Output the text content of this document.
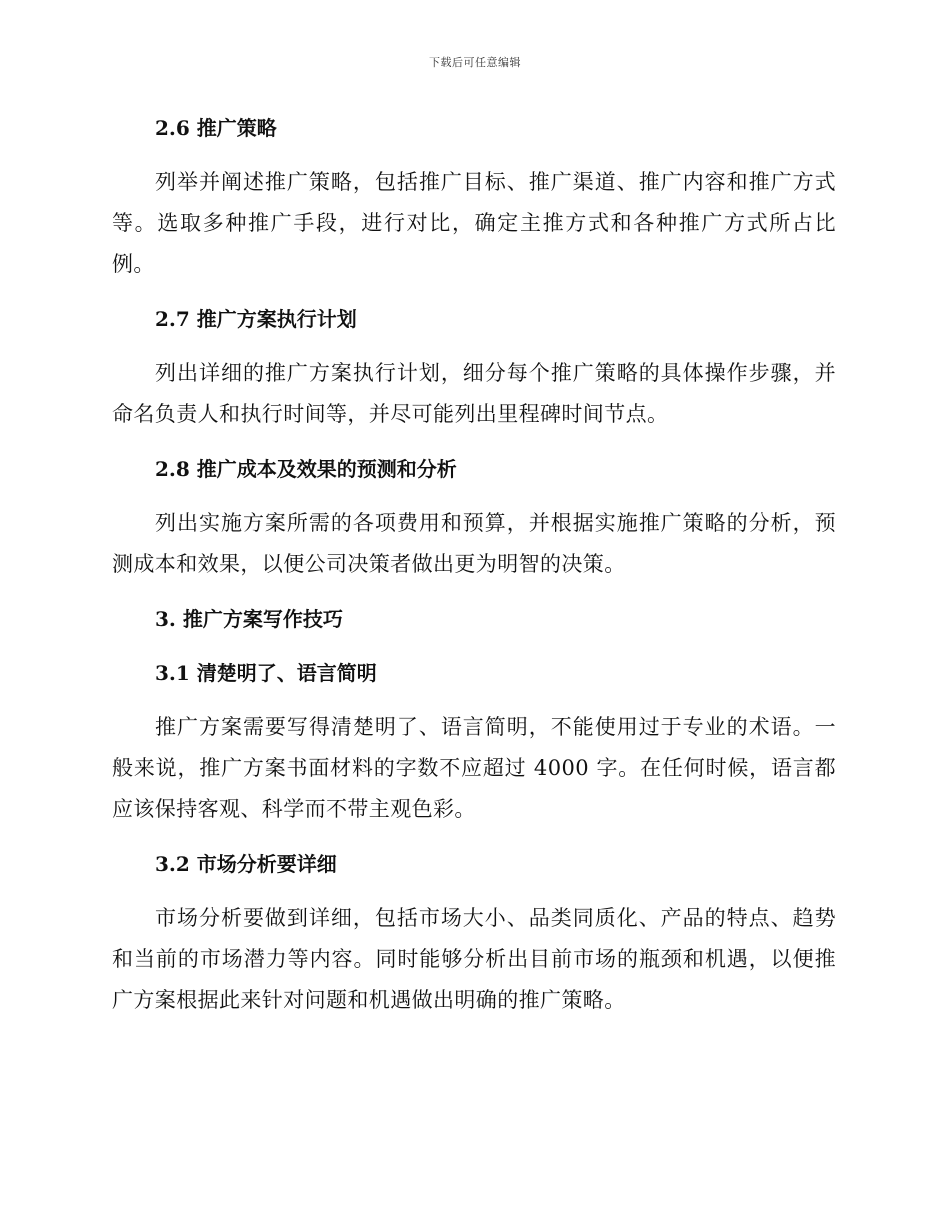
下载后可任意编辑
2.6 推广策略

列举并阐述推广策略，包括推广目标、推广渠道、推广内容和推广方式等。选取多种推广手段，进行对比，确定主推方式和各种推广方式所占比例。

2.7 推广方案执行计划

列出详细的推广方案执行计划，细分每个推广策略的具体操作步骤，并命名负责人和执行时间等，并尽可能列出里程碑时间节点。

2.8 推广成本及效果的预测和分析

列出实施方案所需的各项费用和预算，并根据实施推广策略的分析，预测成本和效果，以便公司决策者做出更为明智的决策。

3. 推广方案写作技巧
3.1 清楚明了、语言简明

推广方案需要写得清楚明了、语言简明，不能使用过于专业的术语。一般来说，推广方案书面材料的字数不应超过 4000 字。在任何时候，语言都应该保持客观、科学而不带主观色彩。

3.2 市场分析要详细

市场分析要做到详细，包括市场大小、品类同质化、产品的特点、趋势和当前的市场潜力等内容。同时能够分析出目前市场的瓶颈和机遇，以便推广方案根据此来针对问题和机遇做出明确的推广策略。
